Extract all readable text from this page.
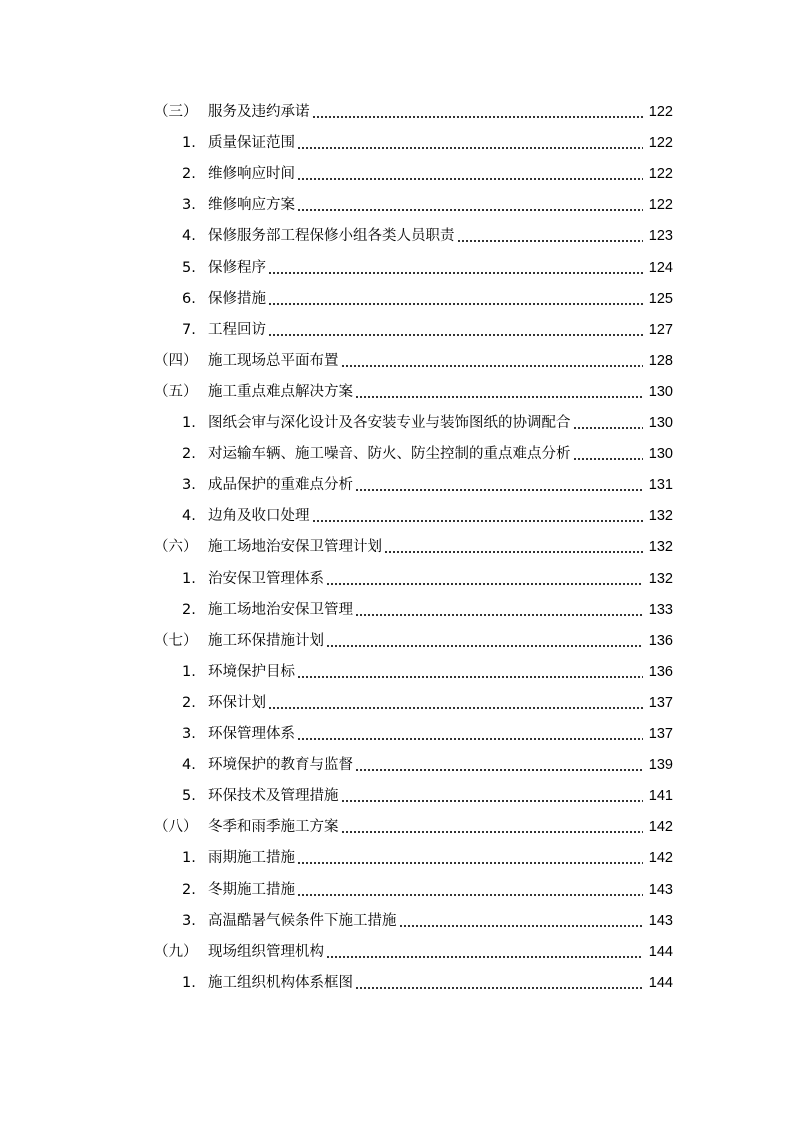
（三） 服务及违约承诺	122
1. 质量保证范围	122
2. 维修响应时间	122
3. 维修响应方案	122
4. 保修服务部工程保修小组各类人员职责	123
5. 保修程序	124
6. 保修措施	125
7. 工程回访	127
（四） 施工现场总平面布置	128
（五） 施工重点难点解决方案	130
1. 图纸会审与深化设计及各安装专业与装饰图纸的协调配合	130
2. 对运输车辆、施工噪音、防火、防尘控制的重点难点分析	130
3. 成品保护的重难点分析	131
4. 边角及收口处理	132
（六） 施工场地治安保卫管理计划	132
1. 治安保卫管理体系	132
2. 施工场地治安保卫管理	133
（七） 施工环保措施计划	136
1. 环境保护目标	136
2. 环保计划	137
3. 环保管理体系	137
4. 环境保护的教育与监督	139
5. 环保技术及管理措施	141
（八） 冬季和雨季施工方案	142
1. 雨期施工措施	142
2. 冬期施工措施	143
3. 高温酷暑气候条件下施工措施	143
（九） 现场组织管理机构	144
1. 施工组织机构体系框图	144
